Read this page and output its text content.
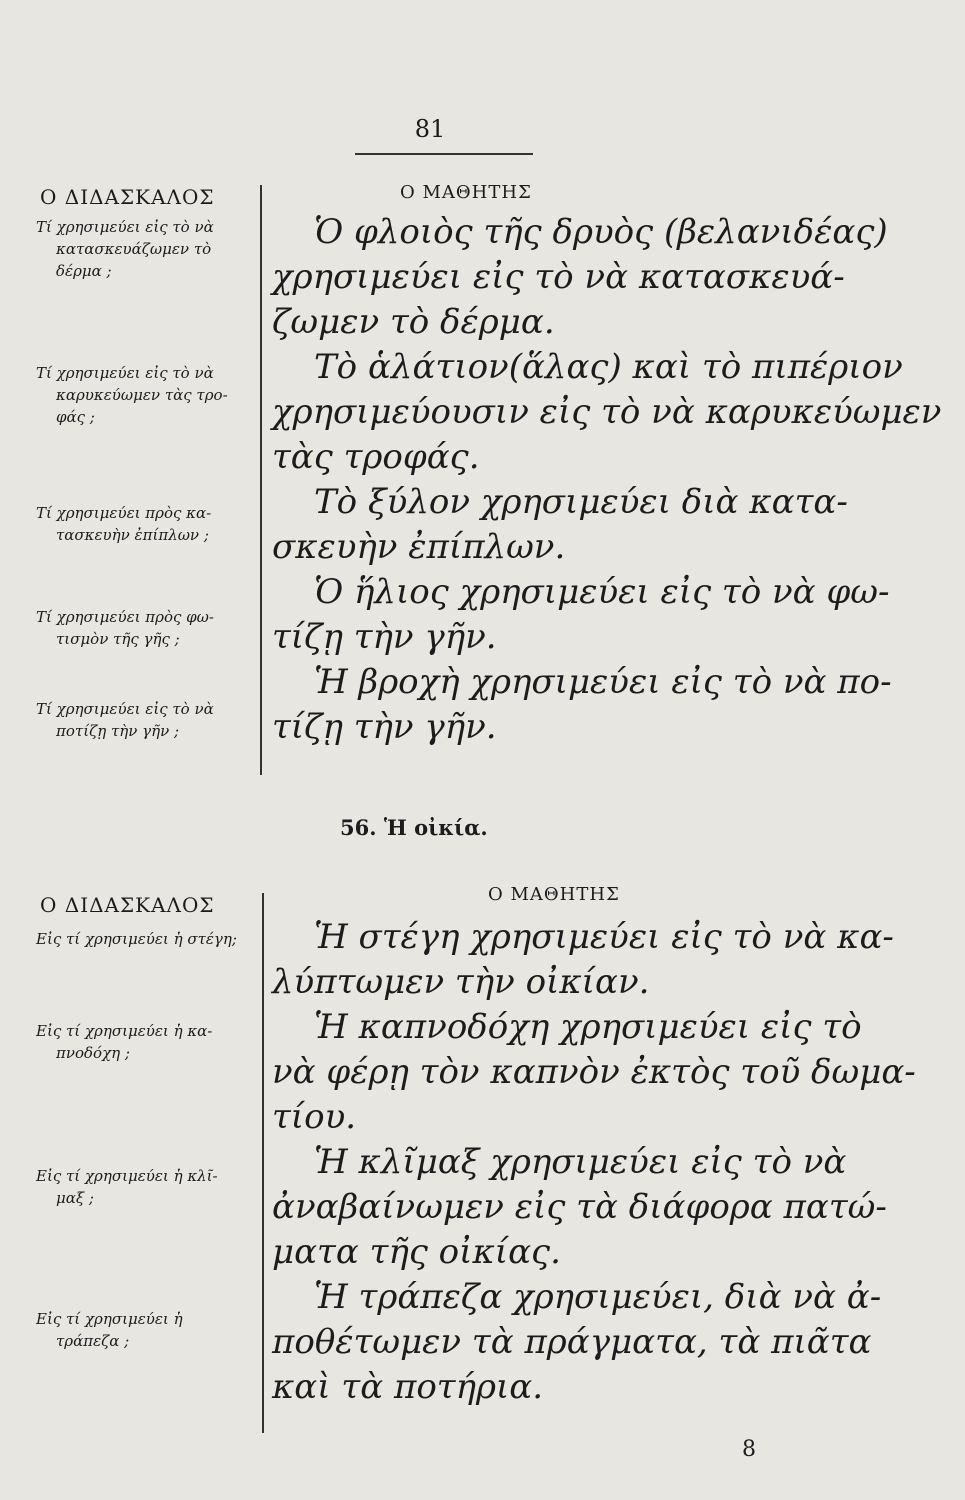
81
Ο ΔΙΔΑΣΚΑΛΟΣ	Ο ΜΑΘΗΤΗΣ
Τί χρησιμεύει εἰς τὸ νὰ
κατασκευάζωμεν τὸ
δέρμα ;
Τί χρησιμεύει εἰς τὸ νὰ
καρυκεύωμεν τὰς τρο-
φάς ;
Τί χρησιμεύει πρὸς κα-
τασκευὴν ἐπίπλων ;
Τί χρησιμεύει πρὸς φω-
τισμὸν τῆς γῆς ;
Τί χρησιμεύει εἰς τὸ νὰ
ποτίζῃ τὴν γῆν ;
Ὁ φλοιὸς τῆς δρυὸς (βελανιδέας)
χρησιμεύει εἰς τὸ νὰ κατασκευά-
ζωμεν τὸ δέρμα.
Τὸ ἁλάτιον(ἅλας) καὶ τὸ πιπέριον
χρησιμεύουσιν εἰς τὸ νὰ καρυκεύωμεν
τὰς τροφάς.
Τὸ ξύλον χρησιμεύει διὰ κατα-
σκευὴν ἐπίπλων.
Ὁ ἥλιος χρησιμεύει εἰς τὸ νὰ φω-
τίζῃ τὴν γῆν.
Ἡ βροχὴ χρησιμεύει εἰς τὸ νὰ πο-
τίζῃ τὴν γῆν.
56. Ἡ οἰκία.
Ο ΔΙΔΑΣΚΑΛΟΣ	Ο ΜΑΘΗΤΗΣ
Εἰς τί χρησιμεύει ἡ στέγη;
Εἰς τί χρησιμεύει ἡ κα-
πνοδόχη ;
Εἰς τί χρησιμεύει ἡ κλῖ-
μαξ ;
Εἰς τί χρησιμεύει ἡ
τράπεζα ;
Ἡ στέγη χρησιμεύει εἰς τὸ νὰ κα-
λύπτωμεν τὴν οἰκίαν.
Ἡ καπνοδόχη χρησιμεύει εἰς τὸ
νὰ φέρῃ τὸν καπνὸν ἐκτὸς τοῦ δωμα-
τίου.
Ἡ κλῖμαξ χρησιμεύει εἰς τὸ νὰ
ἀναβαίνωμεν εἰς τὰ διάφορα πατώ-
ματα τῆς οἰκίας.
Ἡ τράπεζα χρησιμεύει, διὰ νὰ ἀ-
ποθέτωμεν τὰ πράγματα, τὰ πιᾶτα
καὶ τὰ ποτήρια.
8
